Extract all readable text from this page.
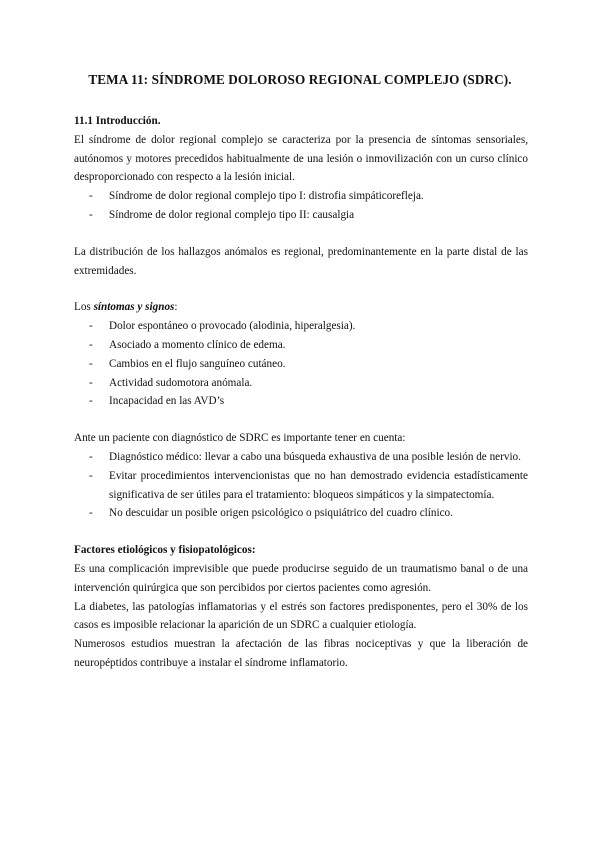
TEMA 11: SÍNDROME DOLOROSO REGIONAL COMPLEJO (SDRC).

11.1 Introducción.

El síndrome de dolor regional complejo se caracteriza por la presencia de síntomas sensoriales, autónomos y motores precedidos habitualmente de una lesión o inmovilización con un curso clínico desproporcionado con respecto a la lesión inicial.

- Síndrome de dolor regional complejo tipo I: distrofia simpáticorefleja.
- Síndrome de dolor regional complejo tipo II: causalgia

La distribución de los hallazgos anómalos es regional, predominantemente en la parte distal de las extremidades.

Los síntomas y signos:

- Dolor espontáneo o provocado (alodinia, hiperalgesia).
- Asociado a momento clínico de edema.
- Cambios en el flujo sanguíneo cutáneo.
- Actividad sudomotora anómala.
- Incapacidad en las AVD’s

Ante un paciente con diagnóstico de SDRC es importante tener en cuenta:

- Diagnóstico médico: llevar a cabo una búsqueda exhaustiva de una posible lesión de nervio.
- Evitar procedimientos intervencionistas que no han demostrado evidencia estadísticamente significativa de ser útiles para el tratamiento: bloqueos simpáticos y la simpatectomía.
- No descuidar un posible origen psicológico o psiquiátrico del cuadro clínico.

Factores etiológicos y fisiopatológicos:

Es una complicación imprevisible que puede producirse seguido de un traumatismo banal o de una intervención quirúrgica que son percibidos por ciertos pacientes como agresión.

La diabetes, las patologías inflamatorias y el estrés son factores predisponentes, pero el 30% de los casos es imposible relacionar la aparición de un SDRC a cualquier etiología.

Numerosos estudios muestran la afectación de las fibras nociceptivas y que la liberación de neuropéptidos contribuye a instalar el síndrome inflamatorio.
